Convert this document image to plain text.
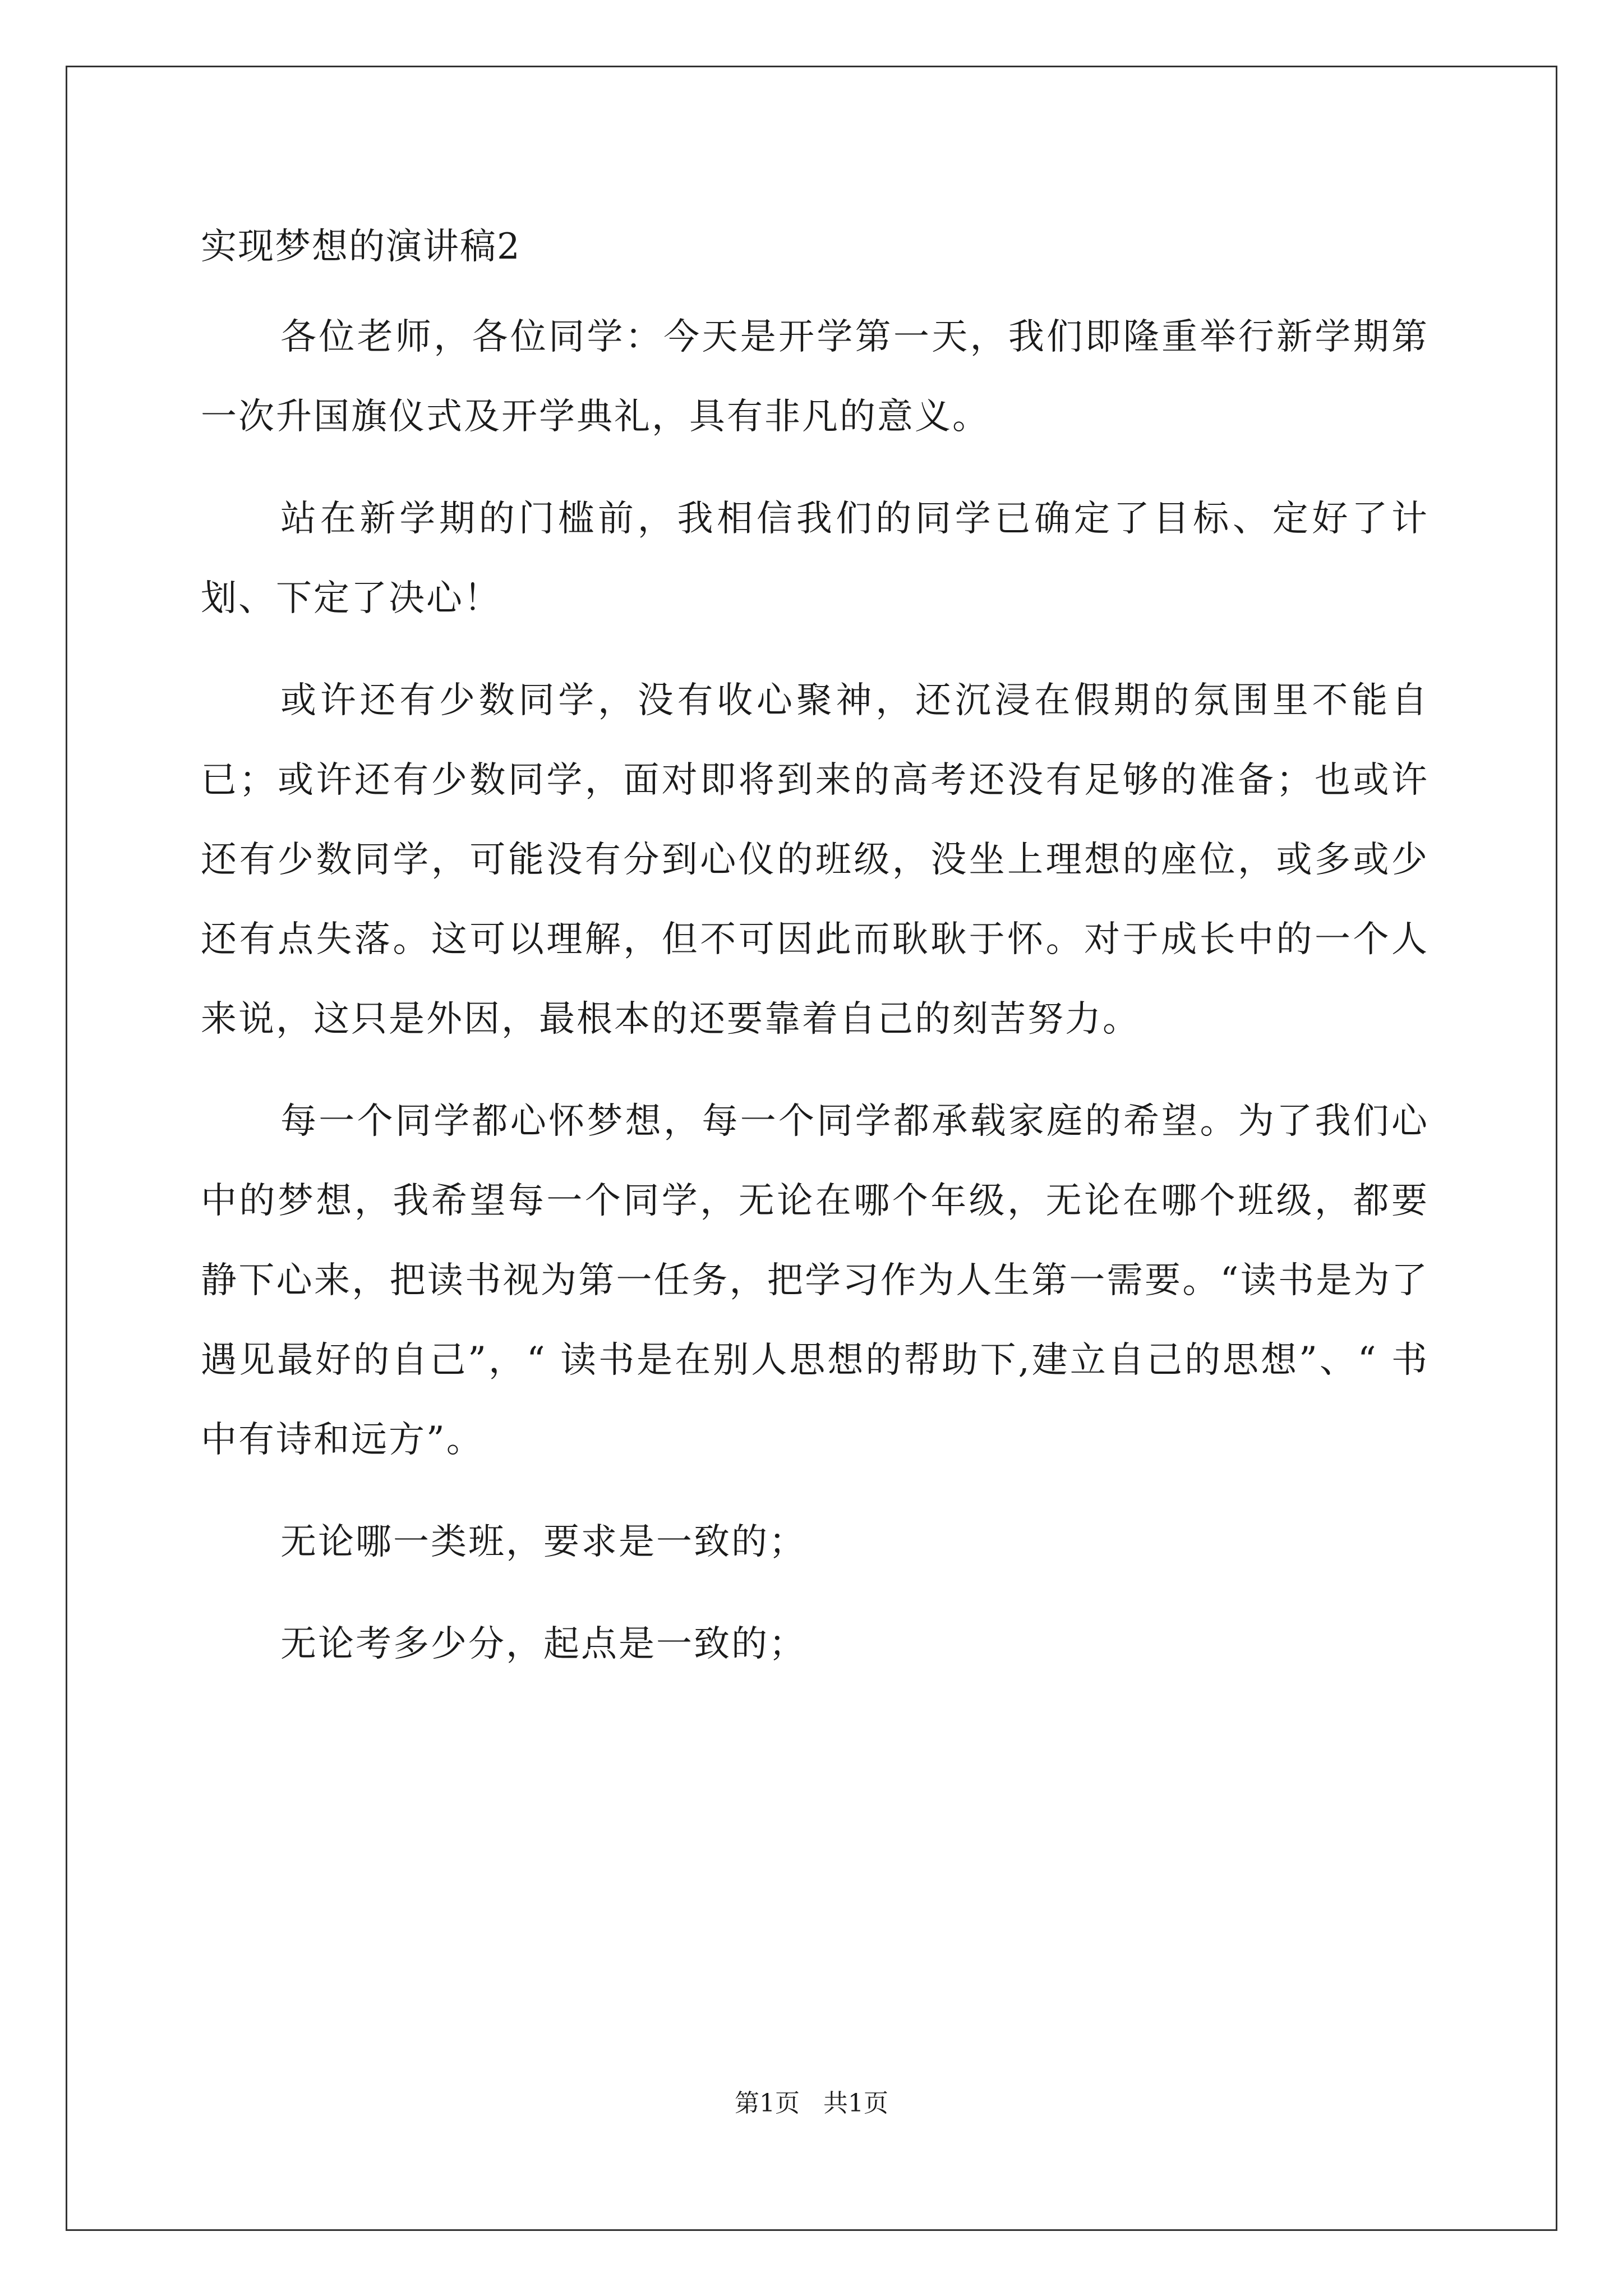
实现梦想的演讲稿2

各位老师，各位同学：今天是开学第一天，我们即隆重举行新学期第一次升国旗仪式及开学典礼，具有非凡的意义。

站在新学期的门槛前，我相信我们的同学已确定了目标、定好了计划、下定了决心！

或许还有少数同学，没有收心聚神，还沉浸在假期的氛围里不能自已；或许还有少数同学，面对即将到来的高考还没有足够的准备；也或许还有少数同学，可能没有分到心仪的班级，没坐上理想的座位，或多或少还有点失落。这可以理解，但不可因此而耿耿于怀。对于成长中的一个人来说，这只是外因，最根本的还要靠着自己的刻苦努力。

每一个同学都心怀梦想，每一个同学都承载家庭的希望。为了我们心中的梦想，我希望每一个同学，无论在哪个年级，无论在哪个班级，都要静下心来，把读书视为第一任务，把学习作为人生第一需要。“读书是为了遇见最好的自己”，“ 读书是在别人思想的帮助下,建立自己的思想”、“ 书中有诗和远方”。

无论哪一类班，要求是一致的；

无论考多少分，起点是一致的；

第1页 共1页
